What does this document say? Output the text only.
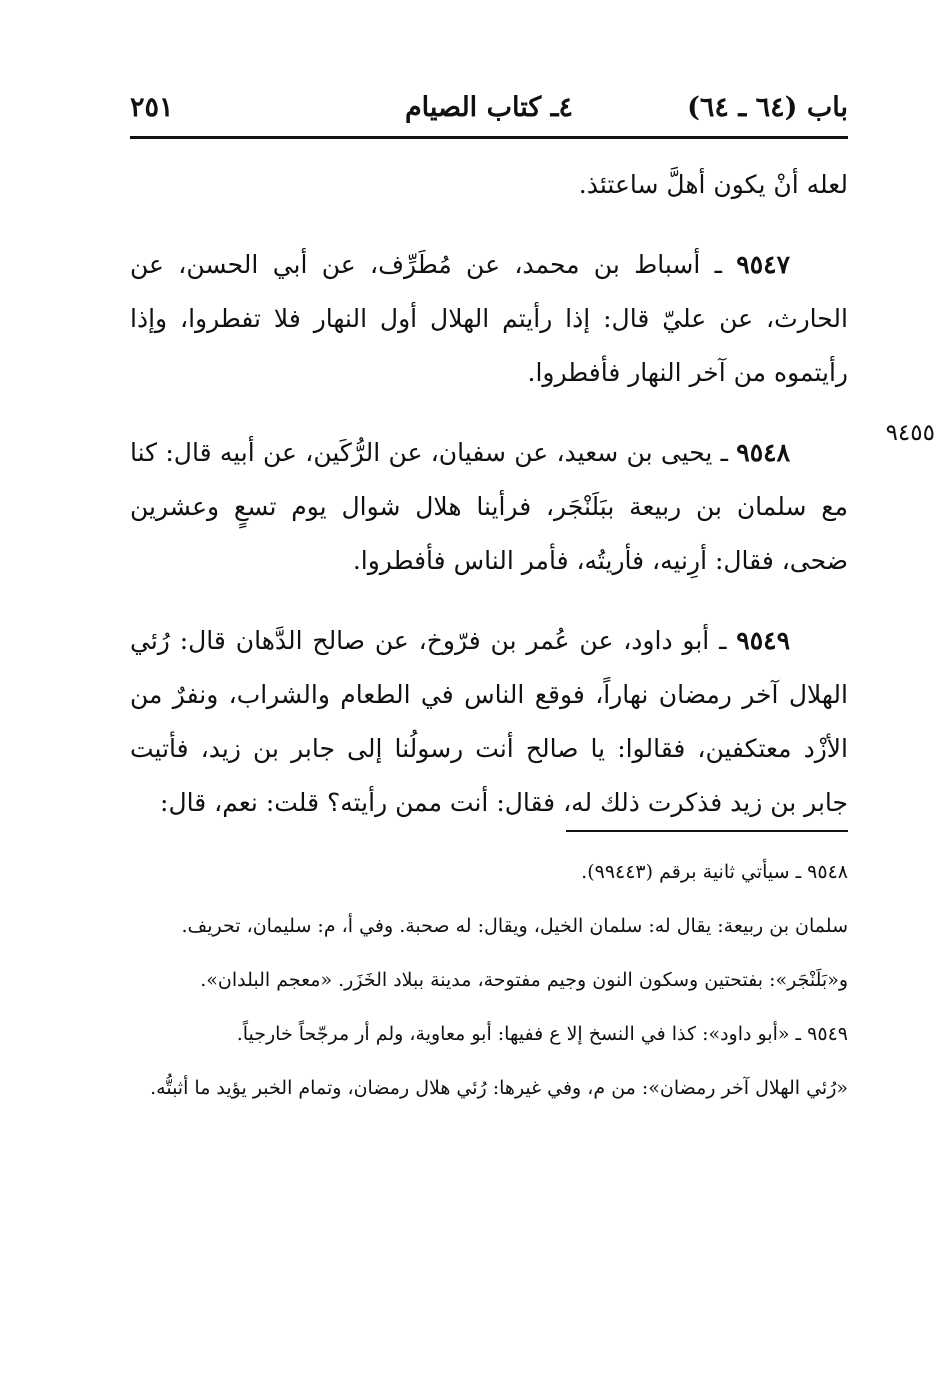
باب (٦٤ ـ ٦٤)
٤ـ كتاب الصيام
٢٥١

لعله أنْ يكون أهلَّ ساعتئذ.

٩٥٤٧ ـ أسباط بن محمد، عن مُطَرِّف، عن أبي الحسن، عن الحارث، عن عليّ قال: إذا رأيتم الهلال أول النهار فلا تفطروا، وإذا رأيتموه من آخر النهار فأفطروا.

٩٥٤٨ ـ يحيى بن سعيد، عن سفيان، عن الرُّكَين، عن أبيه قال: كنا مع سلمان بن ربيعة ببَلَنْجَر، فرأينا هلال شوال يوم تسعٍ وعشرين ضحى، فقال: أرِنيه، فأريتُه، فأمر الناس فأفطروا.

٩٥٤٩ ـ أبو داود، عن عُمر بن فرّوخ، عن صالح الدَّهان قال: رُئي الهلال آخر رمضان نهاراً، فوقع الناس في الطعام والشراب، ونفرٌ من الأزْد معتكفين، فقالوا: يا صالح أنت رسولُنا إلى جابر بن زيد، فأتيت جابر بن زيد فذكرت ذلك له، فقال: أنت ممن رأيته؟ قلت: نعم، قال:

٩٤٥٥

٩٥٤٨ ـ سيأتي ثانية برقم (٩٩٤٤٣).

سلمان بن ربيعة: يقال له: سلمان الخيل، ويقال: له صحبة. وفي أ، م: سليمان، تحريف.

و«بَلَنْجَر»: بفتحتين وسكون النون وجيم مفتوحة، مدينة ببلاد الخَزَر. «معجم البلدان».

٩٥٤٩ ـ «أبو داود»: كذا في النسخ إلا ع ففيها: أبو معاوية، ولم أر مرجّحاً خارجياً.

«رُئي الهلال آخر رمضان»: من م، وفي غيرها: رُئي هلال رمضان، وتمام الخبر يؤيد ما أثبتُّه.
